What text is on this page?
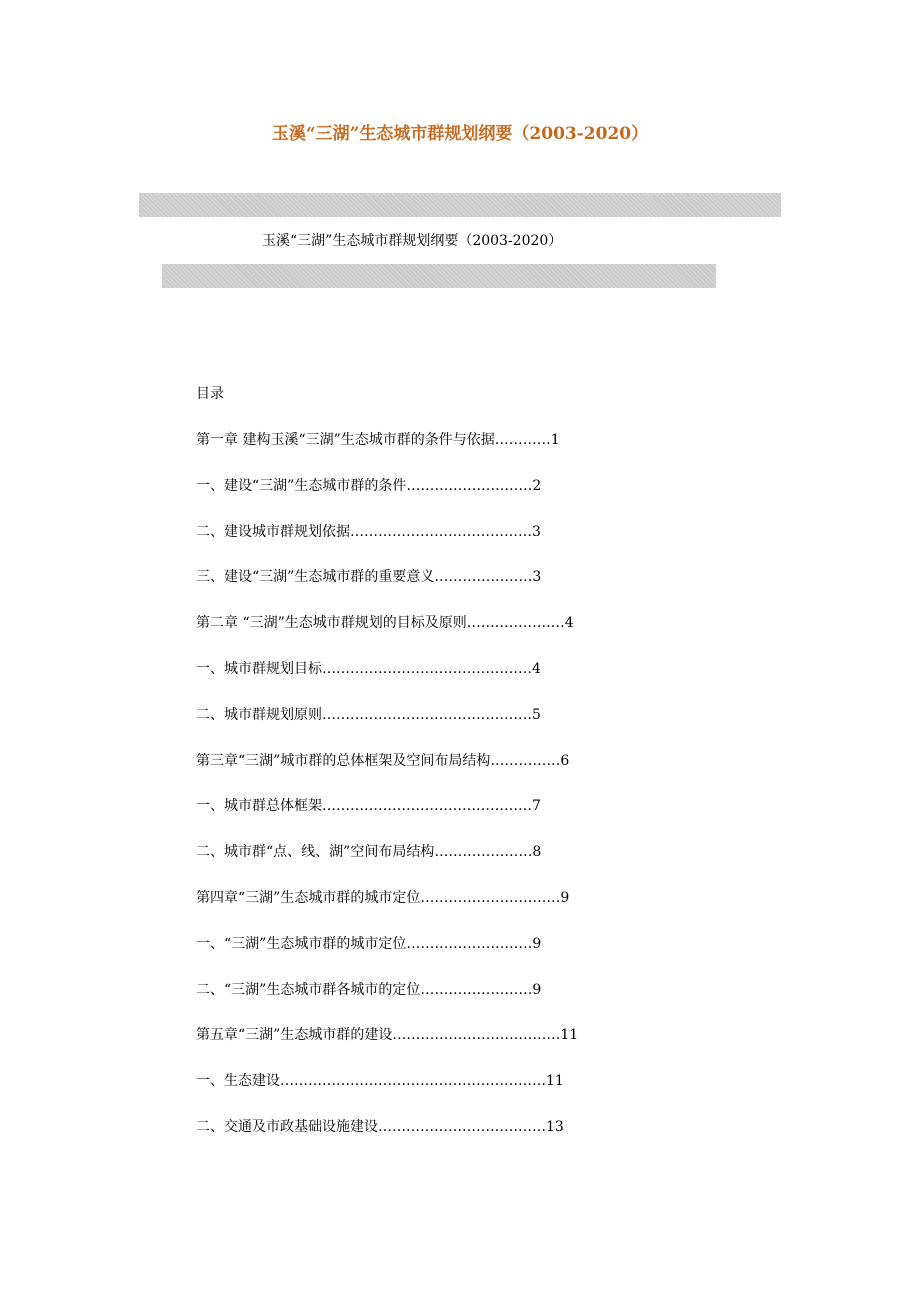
玉溪“三湖”生态城市群规划纲要（2003-2020）
玉溪“三湖”生态城市群规划纲要（2003-2020）
目录
第一章 建构玉溪“三湖”生态城市群的条件与依据…………1
一、建设“三湖”生态城市群的条件………………………2
二、建设城市群规划依据…………………………………3
三、建设“三湖”生态城市群的重要意义…………………3
第二章 “三湖”生态城市群规划的目标及原则…………………4
一、城市群规划目标………………………………………4
二、城市群规划原则………………………………………5
第三章“三湖”城市群的总体框架及空间布局结构……………6
一、城市群总体框架………………………………………7
二、城市群“点、线、湖”空间布局结构…………………8
第四章“三湖”生态城市群的城市定位…………………………9
一、“三湖”生态城市群的城市定位………………………9
二、“三湖”生态城市群各城市的定位……………………9
第五章“三湖”生态城市群的建设………………………………11
一、生态建设…………………………………………………11
二、交通及市政基础设施建设………………………………13
